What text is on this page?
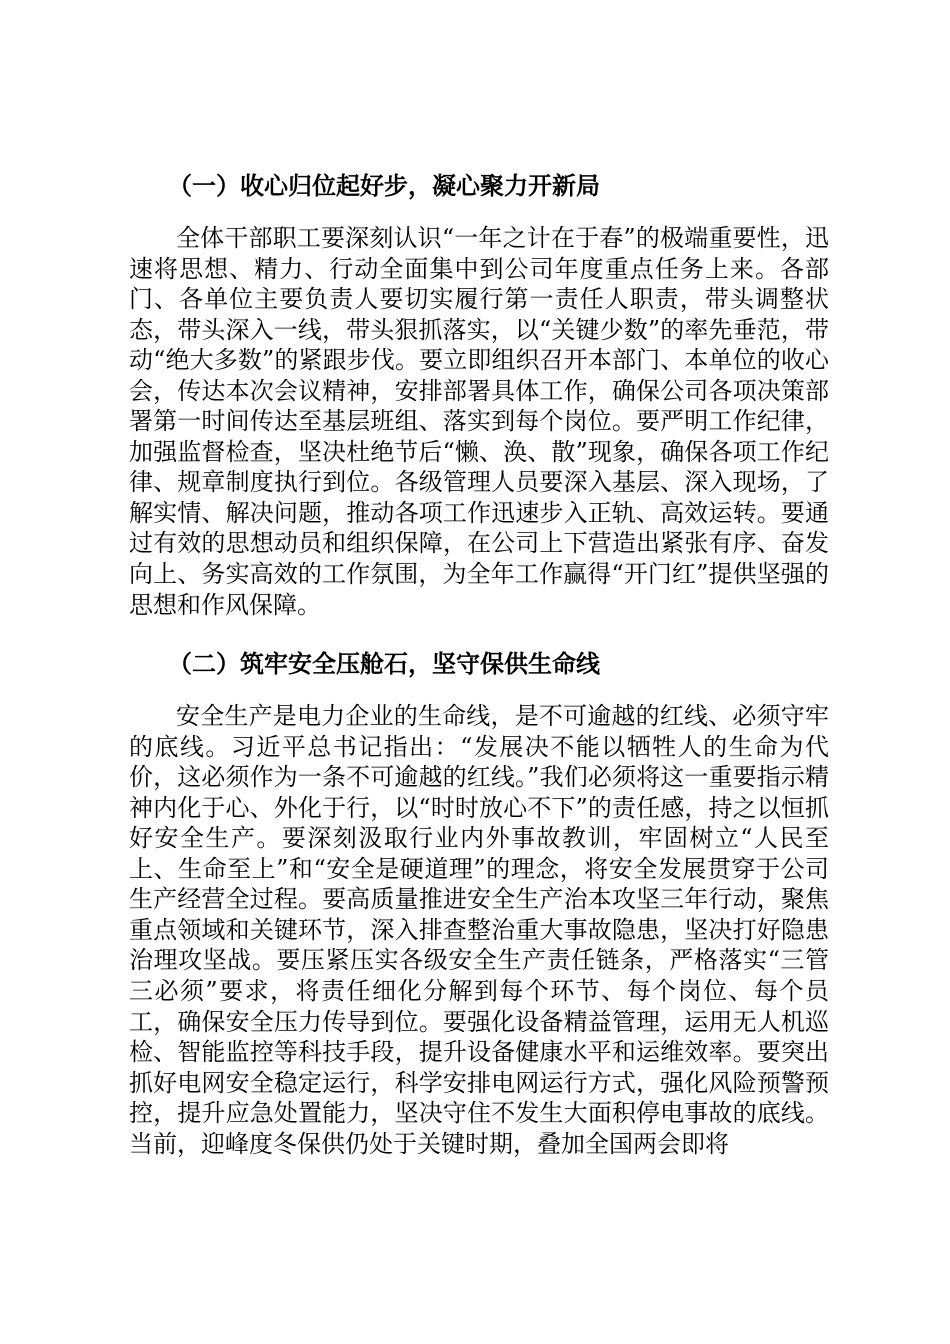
（一）收心归位起好步，凝心聚力开新局

全体干部职工要深刻认识“一年之计在于春”的极端重要性，迅速将思想、精力、行动全面集中到公司年度重点任务上来。各部门、各单位主要负责人要切实履行第一责任人职责，带头调整状态，带头深入一线，带头狠抓落实，以“关键少数”的率先垂范，带动“绝大多数”的紧跟步伐。要立即组织召开本部门、本单位的收心会，传达本次会议精神，安排部署具体工作，确保公司各项决策部署第一时间传达至基层班组、落实到每个岗位。要严明工作纪律，加强监督检查，坚决杜绝节后“懒、涣、散”现象，确保各项工作纪律、规章制度执行到位。各级管理人员要深入基层、深入现场，了解实情、解决问题，推动各项工作迅速步入正轨、高效运转。要通过有效的思想动员和组织保障，在公司上下营造出紧张有序、奋发向上、务实高效的工作氛围，为全年工作赢得“开门红”提供坚强的思想和作风保障。

（二）筑牢安全压舱石，坚守保供生命线

安全生产是电力企业的生命线，是不可逾越的红线、必须守牢的底线。习近平总书记指出：“发展决不能以牺牲人的生命为代价，这必须作为一条不可逾越的红线。”我们必须将这一重要指示精神内化于心、外化于行，以“时时放心不下”的责任感，持之以恒抓好安全生产。要深刻汲取行业内外事故教训，牢固树立“人民至上、生命至上”和“安全是硬道理”的理念，将安全发展贯穿于公司生产经营全过程。要高质量推进安全生产治本攻坚三年行动，聚焦重点领域和关键环节，深入排查整治重大事故隐患，坚决打好隐患治理攻坚战。要压紧压实各级安全生产责任链条，严格落实“三管三必须”要求，将责任细化分解到每个环节、每个岗位、每个员工，确保安全压力传导到位。要强化设备精益管理，运用无人机巡检、智能监控等科技手段，提升设备健康水平和运维效率。要突出抓好电网安全稳定运行，科学安排电网运行方式，强化风险预警预控，提升应急处置能力，坚决守住不发生大面积停电事故的底线。当前，迎峰度冬保供仍处于关键时期，叠加全国两会即将
